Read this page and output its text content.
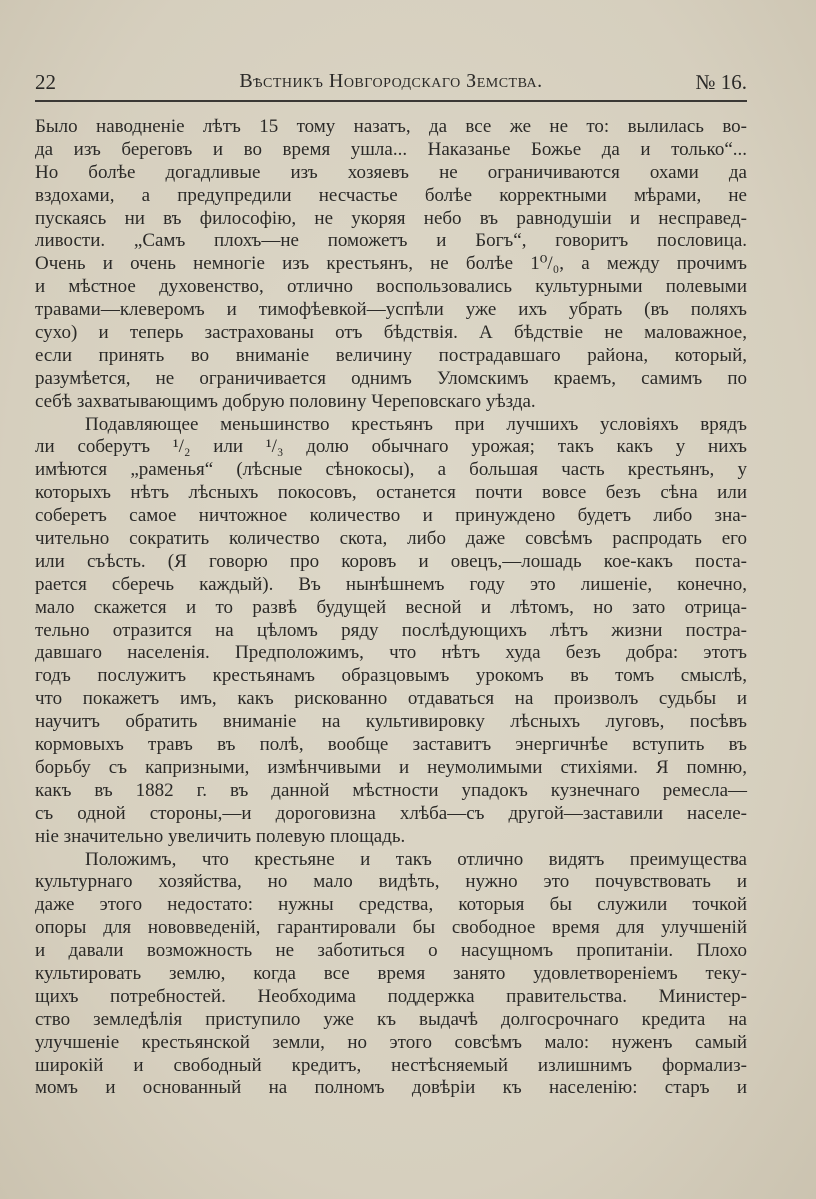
22	Вѣстникъ Новгородскаго Земства.	№ 16.
Было наводненіе лѣтъ 15 тому назатъ, да все же не то: вылилась во-
да изъ береговъ и во время ушла... Наказанье Божье да и только“...
Но болѣе догадливые изъ хозяевъ не ограничиваются охами да
вздохами, а предупредили несчастье болѣе корректными мѣрами, не
пускаясь ни въ философію, не укоряя небо въ равнодушіи и несправед-
ливости. „Самъ плохъ—не поможетъ и Богъ“, говоритъ пословица.
Очень и очень немногіе изъ крестьянъ, не болѣе 1⁰/₀, а между прочимъ
и мѣстное духовенство, отлично воспользовались культурными полевыми
травами—клеверомъ и тимофѣевкой—успѣли уже ихъ убрать (въ поляхъ
сухо) и теперь застрахованы отъ бѣдствія. А бѣдствіе не маловажное,
если принять во вниманіе величину пострадавшаго района, который,
разумѣется, не ограничивается однимъ Уломскимъ краемъ, самимъ по
себѣ захватывающимъ добрую половину Череповскаго уѣзда.
Подавляющее меньшинство крестьянъ при лучшихъ условіяхъ врядъ
ли соберутъ ¹/₂ или ¹/₃ долю обычнаго урожая; такъ какъ у нихъ
имѣются „раменья“ (лѣсные сѣнокосы), а большая часть крестьянъ, у
которыхъ нѣтъ лѣсныхъ покосовъ, останется почти вовсе безъ сѣна или
соберетъ самое ничтожное количество и принуждено будетъ либо зна-
чительно сократить количество скота, либо даже совсѣмъ распродать его
или съѣсть. (Я говорю про коровъ и овецъ,—лошадь кое-какъ поста-
раетcя сберечь каждый). Въ нынѣшнемъ году это лишеніе, конечно,
мало скажется и то развѣ будущей весной и лѣтомъ, но зато отрица-
тельно отразится на цѣломъ ряду послѣдующихъ лѣтъ жизни постра-
давшаго населенія. Предположимъ, что нѣтъ худа безъ добра: этотъ
годъ послужитъ крестьянамъ образцовымъ урокомъ въ томъ смыслѣ,
что покажетъ имъ, какъ рискованно отдаваться на произволъ судьбы и
научитъ обратить вниманіе на культивировку лѣсныхъ луговъ, посѣвъ
кормовыхъ травъ въ полѣ, вообще заставитъ энергичнѣе вступить въ
борьбу съ капризными, измѣнчивыми и неумолимыми стихіями. Я помню,
какъ въ 1882 г. въ данной мѣстности упадокъ кузнечнаго ремесла—
съ одной стороны,—и дороговизна хлѣба—съ другой—заставили населе-
ніе значительно увеличить полевую площадь.
Положимъ, что крестьяне и такъ отлично видятъ преимущества
культурнаго хозяйства, но мало видѣть, нужно это почувствовать и
даже этого недостато: нужны средства, которыя бы служили точкой
опоры для нововведеній, гарантировали бы свободное время для улучшеній
и давали возможность не заботиться о насущномъ пропитаніи. Плохо
культировать землю, когда все время занято удовлетвореніемъ теку-
щихъ потребностей. Необходима поддержка правительства. Министер-
ство земледѣлія приступило уже къ выдачѣ долгосрочнаго кредита на
улучшеніе крестьянской земли, но этого совсѣмъ мало: нуженъ самый
широкій и свободный кредитъ, нестѣсняемый излишнимъ формализ-
момъ и основанный на полномъ довѣріи къ населенію: старъ и
